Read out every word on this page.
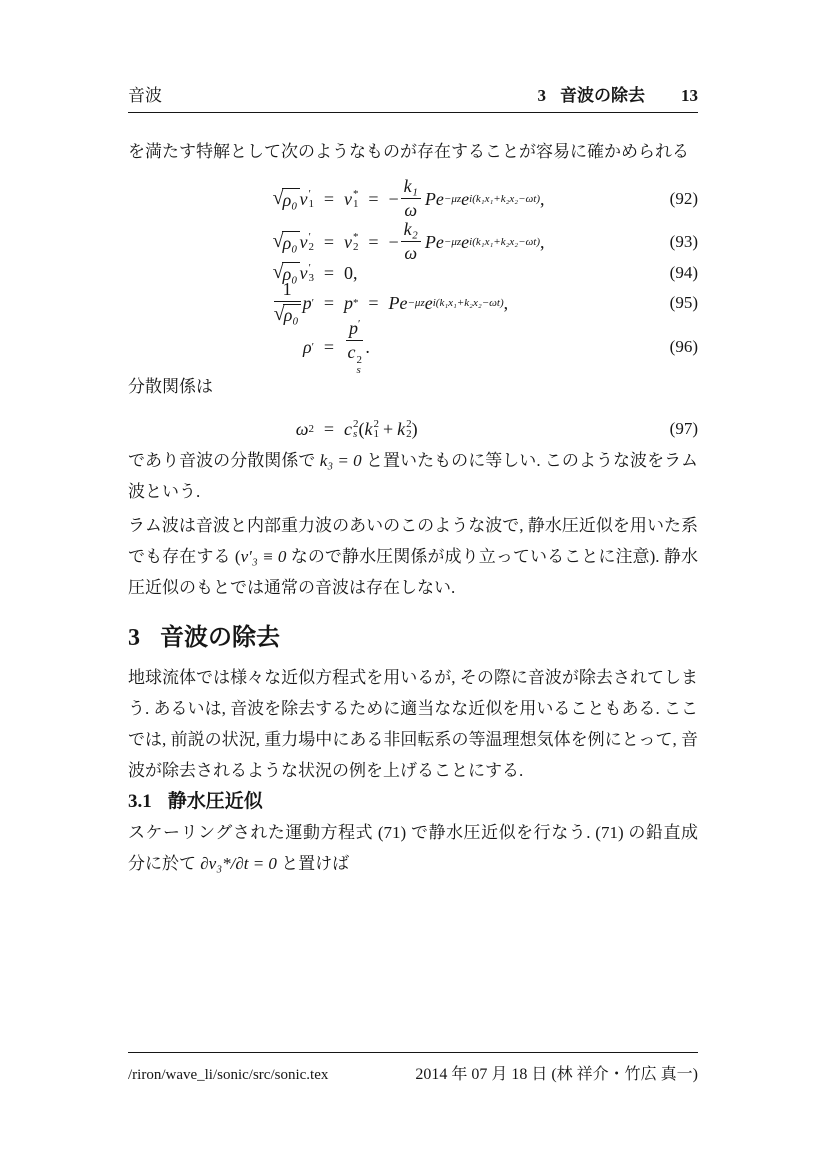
音波	3 音波の除去 13
を満たす特解として次のようなものが存在することが容易に確かめられる
√ ρ₀ v ′
1 = v *
1 = − $\frac{\text{k₁}}{\omega}$ P e −μz e i(k₁x₁+k₂x₂−ωt) ,	(92)
√ ρ₀ v ′
2 = v *
2 = − $\frac{\text{k₂}}{\omega}$ P e −μz e i(k₁x₁+k₂x₂−ωt) ,	(93)
√ ρ₀ v ′
3 = 0,	(94)
$\frac{1}{\text{√ ρ₀}}$ p ′ = p * = P e −μz e i(k₁x₁+k₂x₂−ωt) ,	(95)
ρ ′ = p′
c 2
s .	(96)
分散関係は
ω 2 = c 2
s ( k 2
1 + k 2
2 )	(97)
であり音波の分散関係で k₃ = 0 と置いたものに等しい. このような波をラム波という.
ラム波は音波と内部重力波のあいのこのような波で, 静水圧近似を用いた系でも存在する (v′₃ ≡ 0 なので静水圧関係が成り立っていることに注意). 静水圧近似のもとでは通常の音波は存在しない.
3 音波の除去
地球流体では様々な近似方程式を用いるが, その際に音波が除去されてしまう. あるいは, 音波を除去するために適当なな近似を用いることもある. ここでは, 前説の状況, 重力場中にある非回転系の等温理想気体を例にとって, 音波が除去されるような状況の例を上げることにする.
3.1 静水圧近似
スケーリングされた運動方程式 (71) で静水圧近似を行なう. (71) の鉛直成分に於て ∂v₃*/∂t = 0 と置けば
/riron/wave_li/sonic/src/sonic.tex	2014 年 07 月 18 日 (林 祥介・竹広 真一)
